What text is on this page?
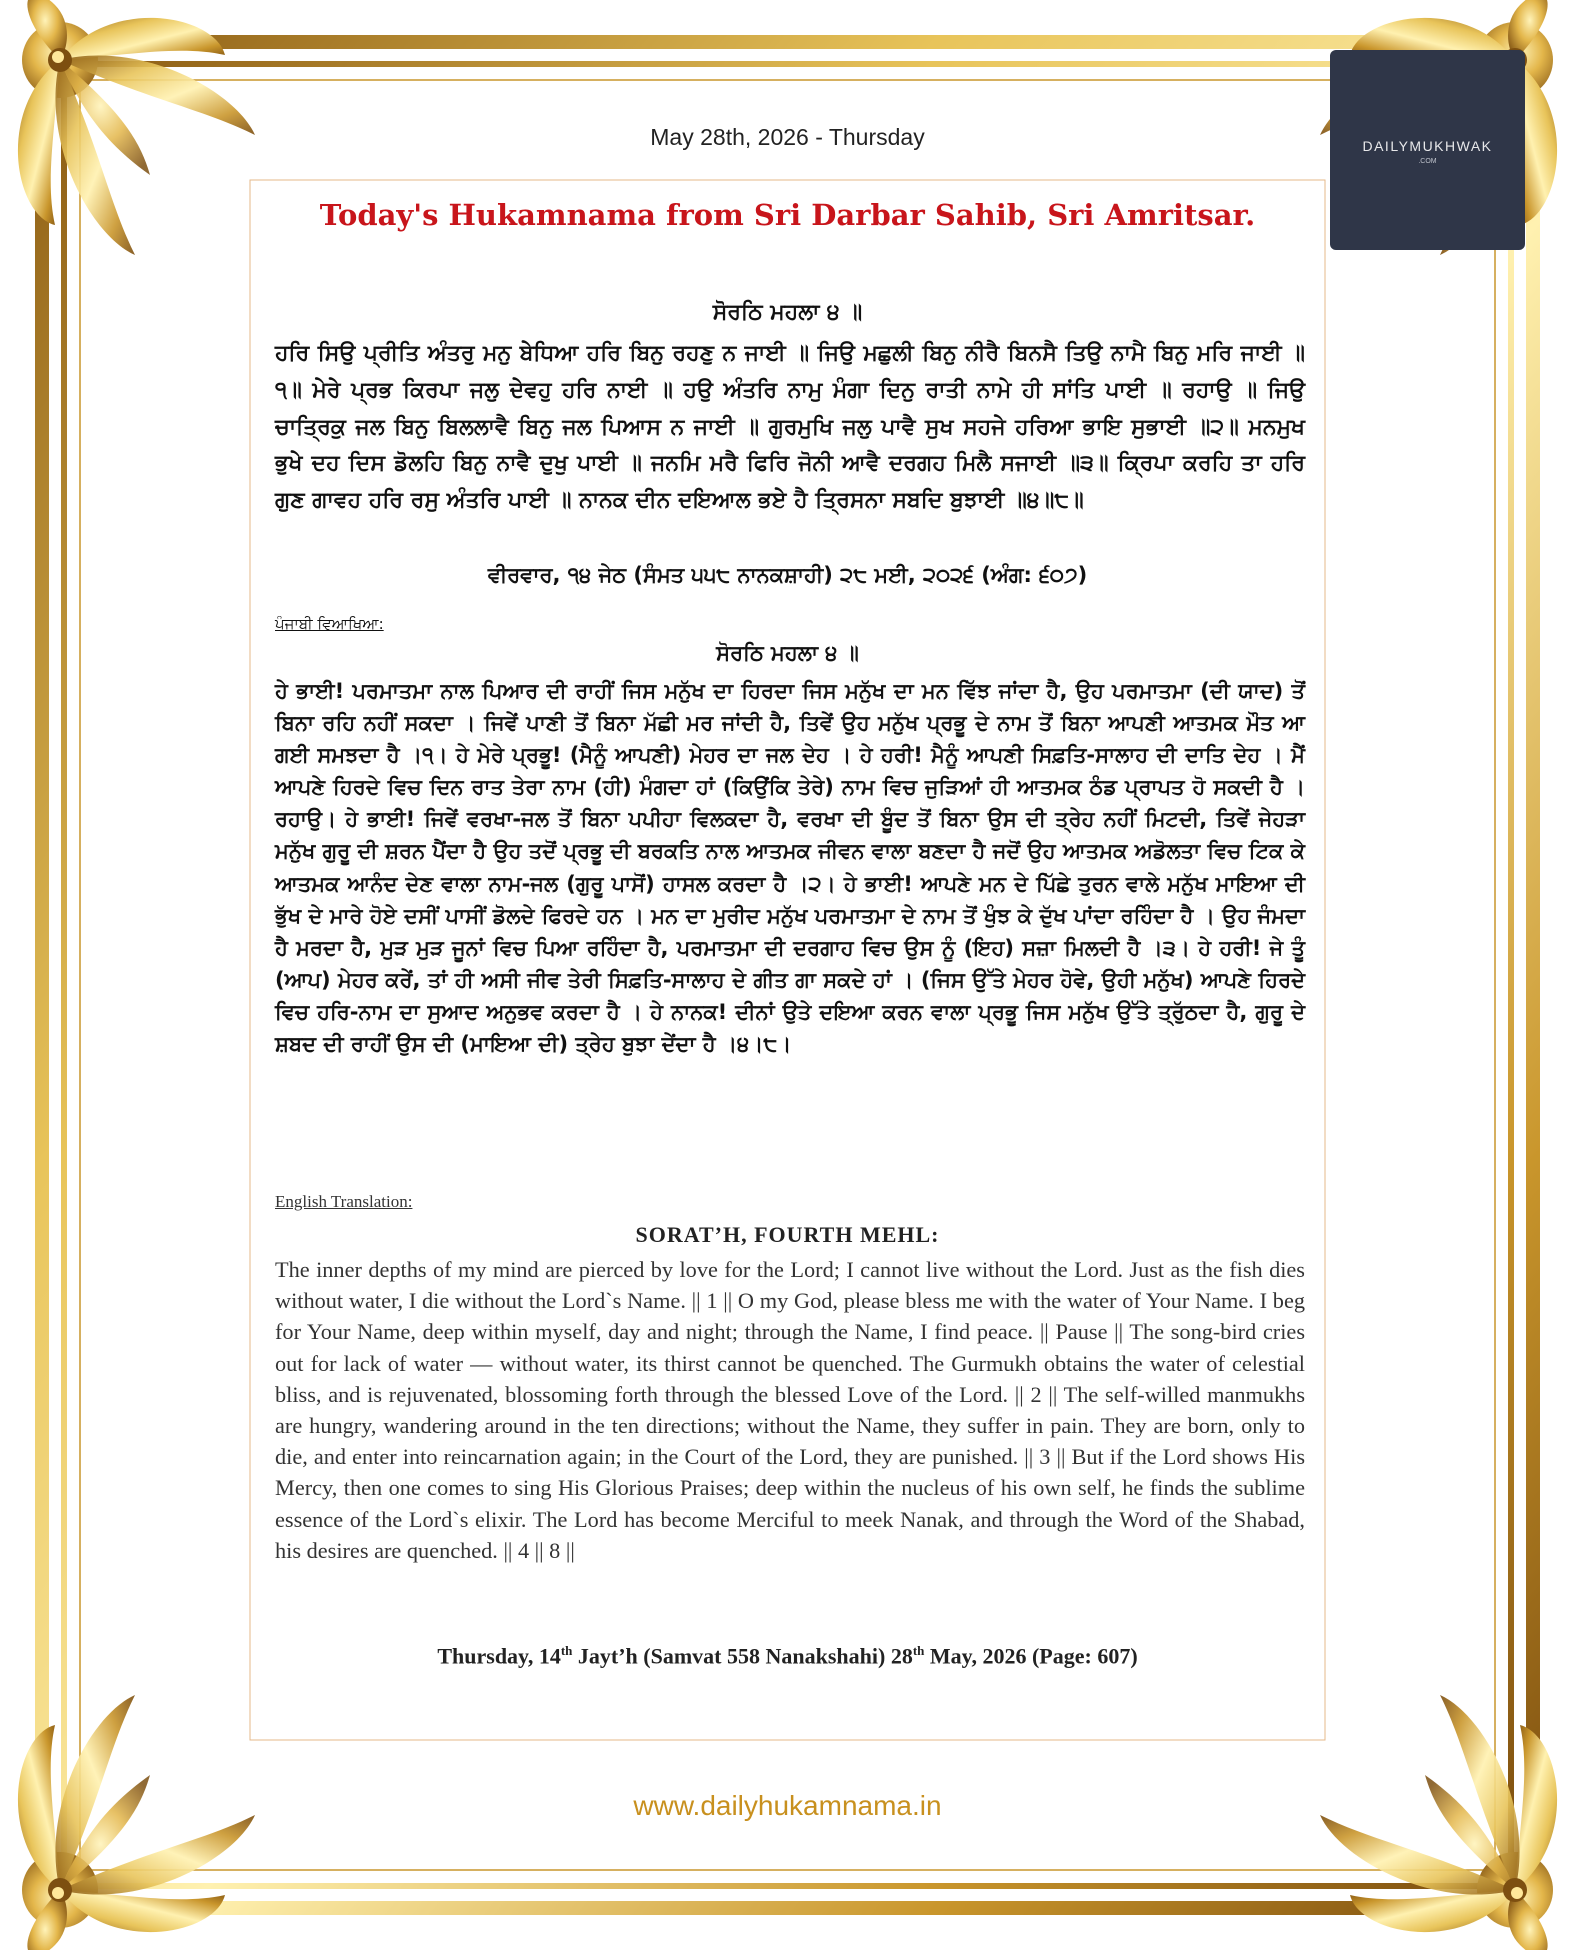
DAILYMUKHWAK
.COM
May 28th, 2026 - Thursday
Today's Hukamnama from Sri Darbar Sahib, Sri Amritsar.
ਸੋਰਠਿ ਮਹਲਾ ੪ ॥
ਹਰਿ ਸਿਉ ਪ੍ਰੀਤਿ ਅੰਤਰੁ ਮਨੁ ਬੇਧਿਆ ਹਰਿ ਬਿਨੁ ਰਹਣੁ ਨ ਜਾਈ ॥ ਜਿਉ ਮਛੁਲੀ ਬਿਨੁ ਨੀਰੈ ਬਿਨਸੈ ਤਿਉ ਨਾਮੈ ਬਿਨੁ ਮਰਿ ਜਾਈ ॥੧॥ ਮੇਰੇ ਪ੍ਰਭ ਕਿਰਪਾ ਜਲੁ ਦੇਵਹੁ ਹਰਿ ਨਾਈ ॥ ਹਉ ਅੰਤਰਿ ਨਾਮੁ ਮੰਗਾ ਦਿਨੁ ਰਾਤੀ ਨਾਮੇ ਹੀ ਸਾਂਤਿ ਪਾਈ ॥ ਰਹਾਉ ॥ ਜਿਉ ਚਾਤ੍ਰਿਕੁ ਜਲ ਬਿਨੁ ਬਿਲਲਾਵੈ ਬਿਨੁ ਜਲ ਪਿਆਸ ਨ ਜਾਈ ॥ ਗੁਰਮੁਖਿ ਜਲੁ ਪਾਵੈ ਸੁਖ ਸਹਜੇ ਹਰਿਆ ਭਾਇ ਸੁਭਾਈ ॥੨॥ ਮਨਮੁਖ ਭੁਖੇ ਦਹ ਦਿਸ ਡੋਲਹਿ ਬਿਨੁ ਨਾਵੈ ਦੁਖੁ ਪਾਈ ॥ ਜਨਮਿ ਮਰੈ ਫਿਰਿ ਜੋਨੀ ਆਵੈ ਦਰਗਹ ਮਿਲੈ ਸਜਾਈ ॥੩॥ ਕ੍ਰਿਪਾ ਕਰਹਿ ਤਾ ਹਰਿ ਗੁਣ ਗਾਵਹ ਹਰਿ ਰਸੁ ਅੰਤਰਿ ਪਾਈ ॥ ਨਾਨਕ ਦੀਨ ਦਇਆਲ ਭਏ ਹੈ ਤ੍ਰਿਸਨਾ ਸਬਦਿ ਬੁਝਾਈ ॥੪॥੮॥
ਵੀਰਵਾਰ, ੧੪ ਜੇਠ (ਸੰਮਤ ੫੫੮ ਨਾਨਕਸ਼ਾਹੀ) ੨੮ ਮਈ, ੨੦੨੬ (ਅੰਗ: ੬੦੭)
ਪੰਜਾਬੀ ਵਿਆਖਿਆ:
ਸੋਰਠਿ ਮਹਲਾ ੪ ॥
ਹੇ ਭਾਈ! ਪਰਮਾਤਮਾ ਨਾਲ ਪਿਆਰ ਦੀ ਰਾਹੀਂ ਜਿਸ ਮਨੁੱਖ ਦਾ ਹਿਰਦਾ ਜਿਸ ਮਨੁੱਖ ਦਾ ਮਨ ਵਿੱਝ ਜਾਂਦਾ ਹੈ, ਉਹ ਪਰਮਾਤਮਾ (ਦੀ ਯਾਦ) ਤੋਂ ਬਿਨਾ ਰਹਿ ਨਹੀਂ ਸਕਦਾ । ਜਿਵੇਂ ਪਾਣੀ ਤੋਂ ਬਿਨਾ ਮੱਛੀ ਮਰ ਜਾਂਦੀ ਹੈ, ਤਿਵੇਂ ਉਹ ਮਨੁੱਖ ਪ੍ਰਭੂ ਦੇ ਨਾਮ ਤੋਂ ਬਿਨਾ ਆਪਣੀ ਆਤਮਕ ਮੌਤ ਆ ਗਈ ਸਮਝਦਾ ਹੈ ।੧। ਹੇ ਮੇਰੇ ਪ੍ਰਭੂ! (ਮੈਨੂੰ ਆਪਣੀ) ਮੇਹਰ ਦਾ ਜਲ ਦੇਹ । ਹੇ ਹਰੀ! ਮੈਨੂੰ ਆਪਣੀ ਸਿਫ਼ਤਿ-ਸਾਲਾਹ ਦੀ ਦਾਤਿ ਦੇਹ । ਮੈਂ ਆਪਣੇ ਹਿਰਦੇ ਵਿਚ ਦਿਨ ਰਾਤ ਤੇਰਾ ਨਾਮ (ਹੀ) ਮੰਗਦਾ ਹਾਂ (ਕਿਉਂਕਿ ਤੇਰੇ) ਨਾਮ ਵਿਚ ਜੁੜਿਆਂ ਹੀ ਆਤਮਕ ਠੰਡ ਪ੍ਰਾਪਤ ਹੋ ਸਕਦੀ ਹੈ ।ਰਹਾਉ। ਹੇ ਭਾਈ! ਜਿਵੇਂ ਵਰਖਾ-ਜਲ ਤੋਂ ਬਿਨਾ ਪਪੀਹਾ ਵਿਲਕਦਾ ਹੈ, ਵਰਖਾ ਦੀ ਬੂੰਦ ਤੋਂ ਬਿਨਾ ਉਸ ਦੀ ਤ੍ਰੇਹ ਨਹੀਂ ਮਿਟਦੀ, ਤਿਵੇਂ ਜੇਹੜਾ ਮਨੁੱਖ ਗੁਰੂ ਦੀ ਸ਼ਰਨ ਪੈਂਦਾ ਹੈ ਉਹ ਤਦੋਂ ਪ੍ਰਭੂ ਦੀ ਬਰਕਤਿ ਨਾਲ ਆਤਮਕ ਜੀਵਨ ਵਾਲਾ ਬਣਦਾ ਹੈ ਜਦੋਂ ਉਹ ਆਤਮਕ ਅਡੋਲਤਾ ਵਿਚ ਟਿਕ ਕੇ ਆਤਮਕ ਆਨੰਦ ਦੇਣ ਵਾਲਾ ਨਾਮ-ਜਲ (ਗੁਰੂ ਪਾਸੋਂ) ਹਾਸਲ ਕਰਦਾ ਹੈ ।੨। ਹੇ ਭਾਈ! ਆਪਣੇ ਮਨ ਦੇ ਪਿੱਛੇ ਤੁਰਨ ਵਾਲੇ ਮਨੁੱਖ ਮਾਇਆ ਦੀ ਭੁੱਖ ਦੇ ਮਾਰੇ ਹੋਏ ਦਸੀਂ ਪਾਸੀਂ ਡੋਲਦੇ ਫਿਰਦੇ ਹਨ । ਮਨ ਦਾ ਮੁਰੀਦ ਮਨੁੱਖ ਪਰਮਾਤਮਾ ਦੇ ਨਾਮ ਤੋਂ ਖੁੰਝ ਕੇ ਦੁੱਖ ਪਾਂਦਾ ਰਹਿੰਦਾ ਹੈ । ਉਹ ਜੰਮਦਾ ਹੈ ਮਰਦਾ ਹੈ, ਮੁੜ ਮੁੜ ਜੂਨਾਂ ਵਿਚ ਪਿਆ ਰਹਿੰਦਾ ਹੈ, ਪਰਮਾਤਮਾ ਦੀ ਦਰਗਾਹ ਵਿਚ ਉਸ ਨੂੰ (ਇਹ) ਸਜ਼ਾ ਮਿਲਦੀ ਹੈ ।੩। ਹੇ ਹਰੀ! ਜੇ ਤੂੰ (ਆਪ) ਮੇਹਰ ਕਰੇਂ, ਤਾਂ ਹੀ ਅਸੀ ਜੀਵ ਤੇਰੀ ਸਿਫ਼ਤਿ-ਸਾਲਾਹ ਦੇ ਗੀਤ ਗਾ ਸਕਦੇ ਹਾਂ । (ਜਿਸ ਉੱਤੇ ਮੇਹਰ ਹੋਵੇ, ਉਹੀ ਮਨੁੱਖ) ਆਪਣੇ ਹਿਰਦੇ ਵਿਚ ਹਰਿ-ਨਾਮ ਦਾ ਸੁਆਦ ਅਨੁਭਵ ਕਰਦਾ ਹੈ । ਹੇ ਨਾਨਕ! ਦੀਨਾਂ ਉਤੇ ਦਇਆ ਕਰਨ ਵਾਲਾ ਪ੍ਰਭੂ ਜਿਸ ਮਨੁੱਖ ਉੱਤੇ ਤ੍ਰੁੱਠਦਾ ਹੈ, ਗੁਰੂ ਦੇ ਸ਼ਬਦ ਦੀ ਰਾਹੀਂ ਉਸ ਦੀ (ਮਾਇਆ ਦੀ) ਤ੍ਰੇਹ ਬੁਝਾ ਦੇਂਦਾ ਹੈ ।੪।੮।
English Translation:
SORAT’H, FOURTH MEHL:
The inner depths of my mind are pierced by love for the Lord; I cannot live without the Lord. Just as the fish dies without water, I die without the Lord`s Name. || 1 || O my God, please bless me with the water of Your Name. I beg for Your Name, deep within myself, day and night; through the Name, I find peace. || Pause || The song-bird cries out for lack of water — without water, its thirst cannot be quenched. The Gurmukh obtains the water of celestial bliss, and is rejuvenated, blossoming forth through the blessed Love of the Lord. || 2 || The self-willed manmukhs are hungry, wandering around in the ten directions; without the Name, they suffer in pain. They are born, only to die, and enter into reincarnation again; in the Court of the Lord, they are punished. || 3 || But if the Lord shows His Mercy, then one comes to sing His Glorious Praises; deep within the nucleus of his own self, he finds the sublime essence of the Lord`s elixir. The Lord has become Merciful to meek Nanak, and through the Word of the Shabad, his desires are quenched. || 4 || 8 ||
Thursday, 14th Jayt’h (Samvat 558 Nanakshahi) 28th May, 2026 (Page: 607)
www.dailyhukamnama.in
